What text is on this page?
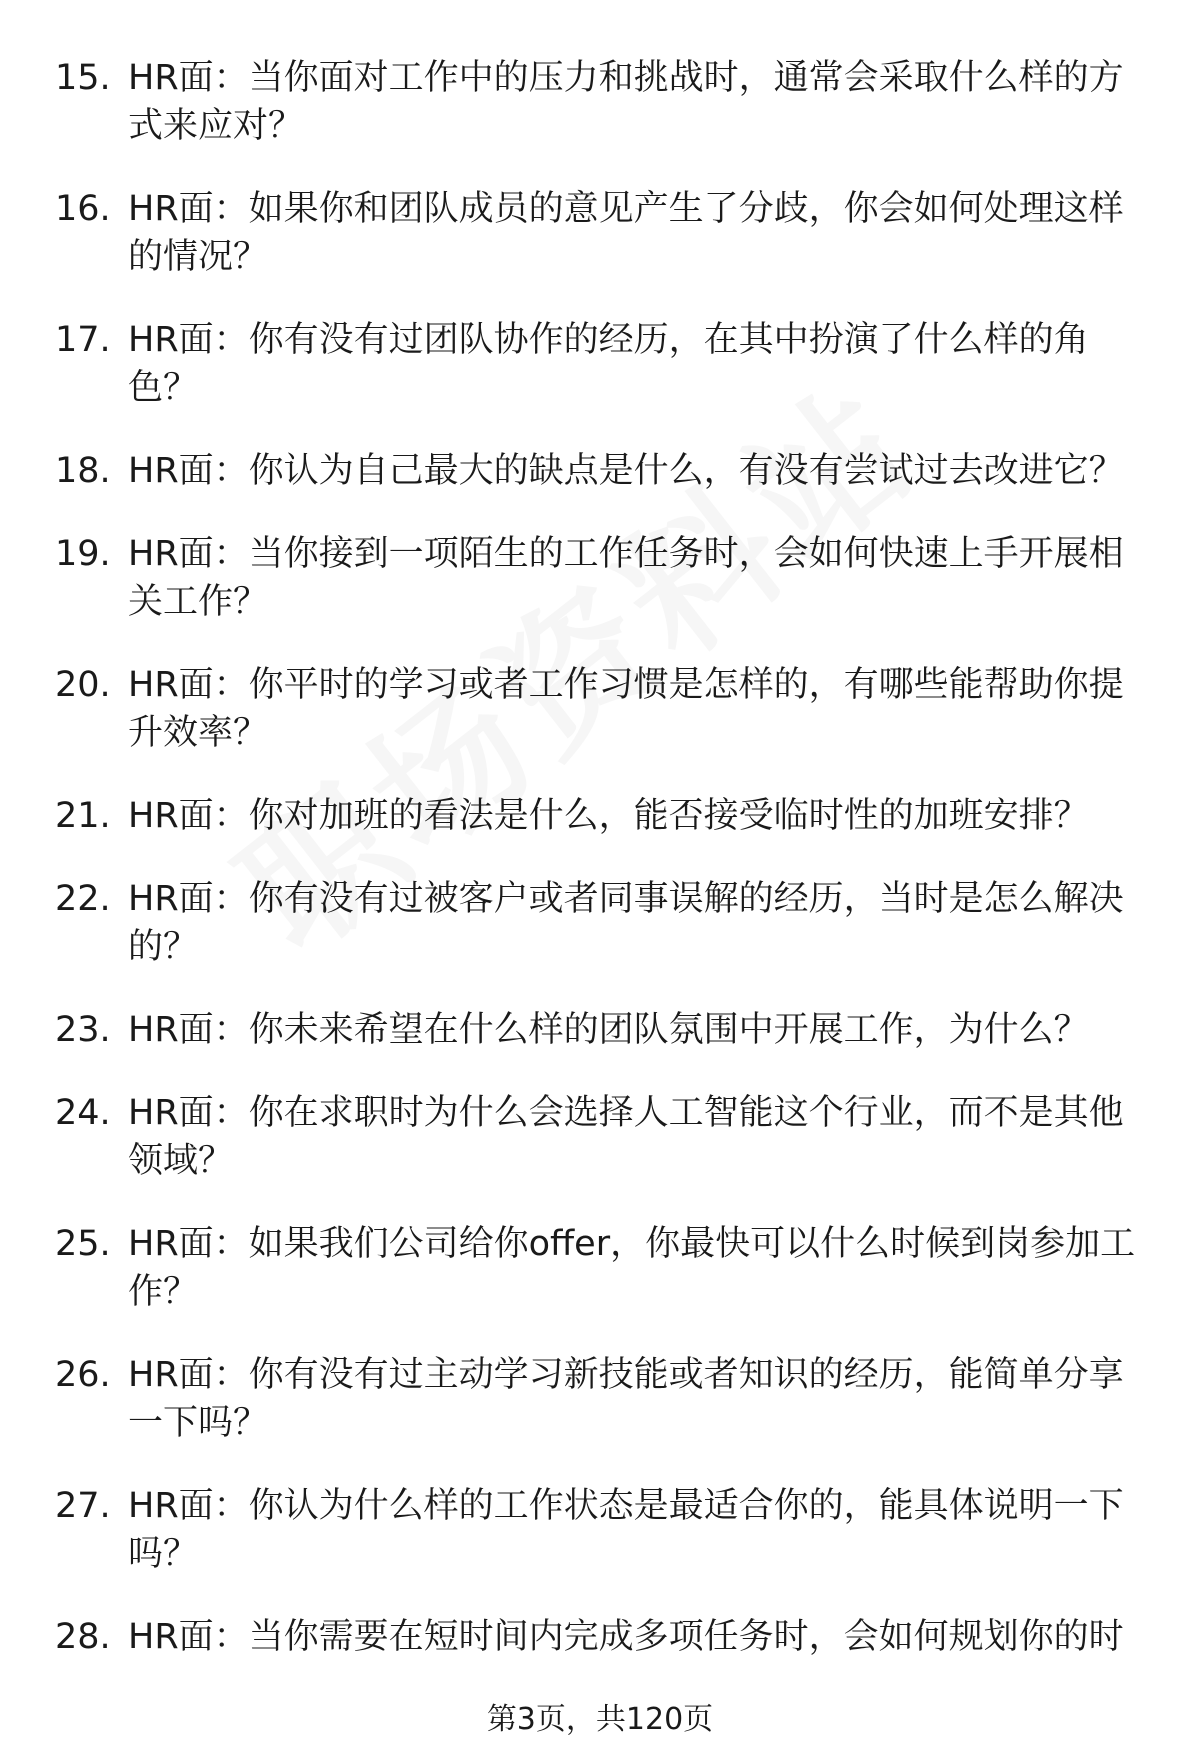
15. HR面：当你面对工作中的压力和挑战时，通常会采取什么样的方式来应对？
16. HR面：如果你和团队成员的意见产生了分歧，你会如何处理这样的情况？
17. HR面：你有没有过团队协作的经历，在其中扮演了什么样的角色？
18. HR面：你认为自己最大的缺点是什么，有没有尝试过去改进它？
19. HR面：当你接到一项陌生的工作任务时，会如何快速上手开展相关工作？
20. HR面：你平时的学习或者工作习惯是怎样的，有哪些能帮助你提升效率？
21. HR面：你对加班的看法是什么，能否接受临时性的加班安排？
22. HR面：你有没有过被客户或者同事误解的经历，当时是怎么解决的？
23. HR面：你未来希望在什么样的团队氛围中开展工作，为什么？
24. HR面：你在求职时为什么会选择人工智能这个行业，而不是其他领域？
25. HR面：如果我们公司给你offer，你最快可以什么时候到岗参加工作？
26. HR面：你有没有过主动学习新技能或者知识的经历，能简单分享一下吗？
27. HR面：你认为什么样的工作状态是最适合你的，能具体说明一下吗？
28. HR面：当你需要在短时间内完成多项任务时，会如何规划你的时
第3页，共120页
